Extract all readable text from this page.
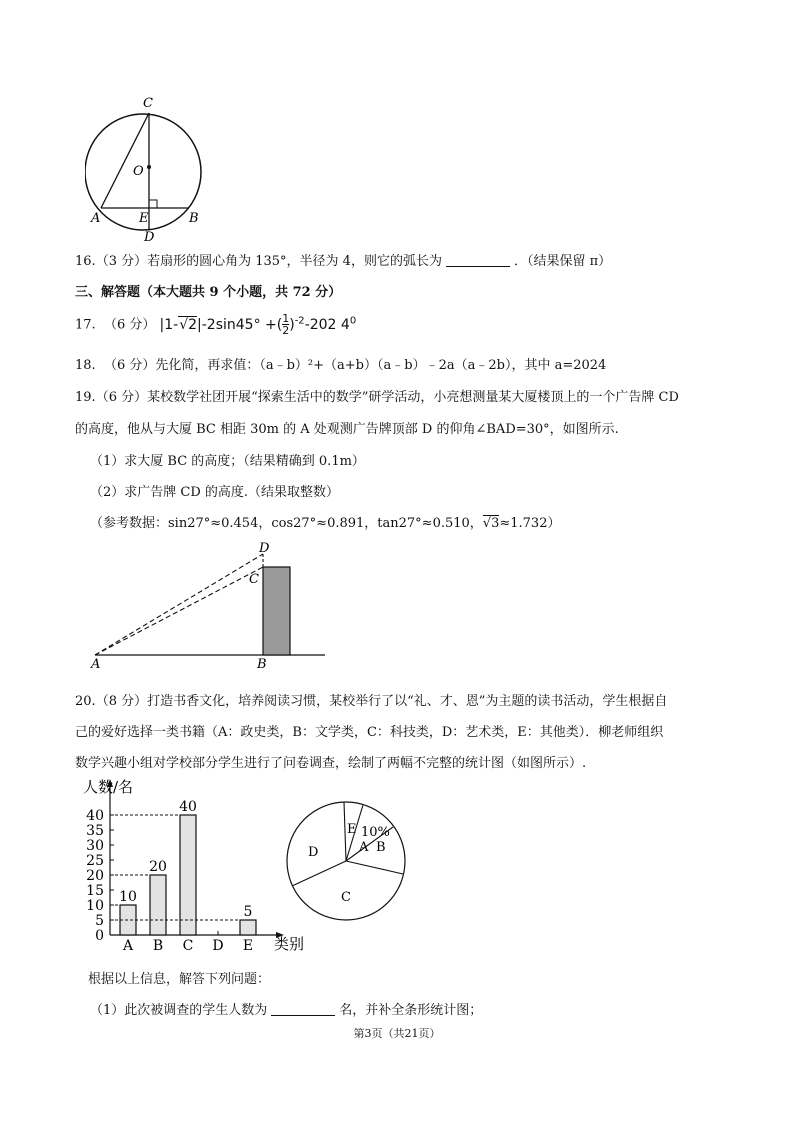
C
O
A	E	B
D
16.（3 分）若扇形的圆心角为 135°，半径为 4，则它的弧长为	．（结果保留 π）
三、解答题（本大题共 9 个小题，共 72 分）
17. （6 分） |1-√2|-2sin45° +( $\frac{1}{2} )^{-2}-202$ $4^0$
18. （6 分）先化简，再求值：（a﹣b）²+（a+b）（a﹣b）﹣2a（a﹣2b），其中 a=2024
19.（6 分）某校数学社团开展“探索生活中的数学”研学活动，小亮想测量某大厦楼顶上的一个广告牌 CD
的高度，他从与大厦 BC 相距 30m 的 A 处观测广告牌顶部 D 的仰角∠BAD=30°，如图所示.
（1）求大厦 BC 的高度；（结果精确到 0.1m）
（2）求广告牌 CD 的高度.（结果取整数）
（参考数据：sin27°≈0.454，cos27°≈0.891，tan27°≈0.510，√3≈1.732）
D
C
A	B
20.（8 分）打造书香文化，培养阅读习惯，某校举行了以“礼、才、恩”为主题的读书活动，学生根据自
己的爱好选择一类书籍（A：政史类，B：文学类，C：科技类，D：艺术类，E：其他类）．柳老师组织
数学兴趣小组对学校部分学生进行了问卷调查，绘制了两幅不完整的统计图（如图所示）.
人数/名
类别
0
5
10
15
20
25
30
35
40
A
10
B
20
C
40
D E
5
E 10%
A B
C
D
根据以上信息，解答下列问题：
（1）此次被调查的学生人数为	名，并补全条形统计图；
第3页（共21页）
